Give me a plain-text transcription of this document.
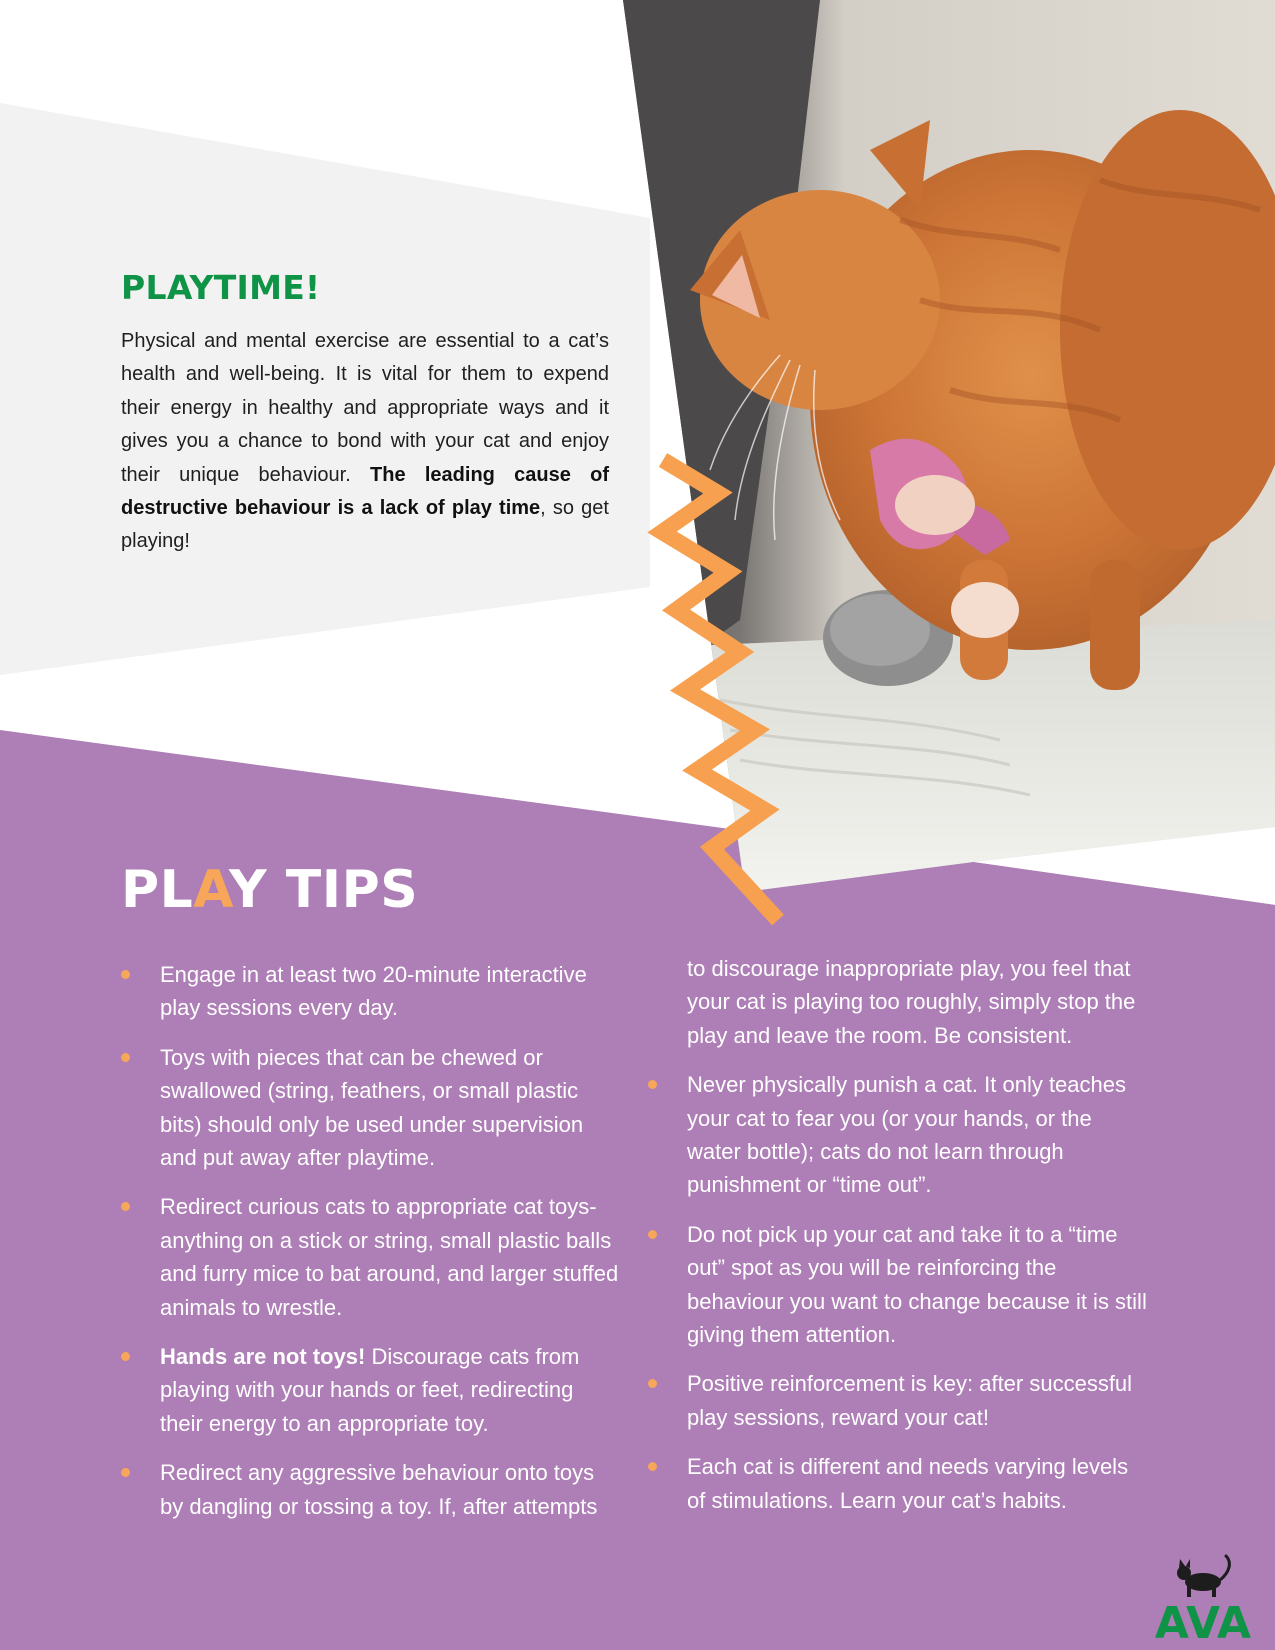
PLAYTIME!

Physical and mental exercise are essential to a cat’s health and well-being. It is vital for them to expend their energy in healthy and appropriate ways and it gives you a chance to bond with your cat and enjoy their unique behaviour. The leading cause of destructive behaviour is a lack of play time, so get playing!

PLAY TIPS
Engage in at least two 20-minute interactive play sessions every day.
Toys with pieces that can be chewed or swallowed (string, feathers, or small plastic bits) should only be used under supervision and put away after playtime.
Redirect curious cats to appropriate cat toys- anything on a stick or string, small plastic balls and furry mice to bat around, and larger stuffed animals to wrestle.
Hands are not toys! Discourage cats from playing with your hands or feet, redirecting their energy to an appropriate toy.
Redirect any aggressive behaviour onto toys by dangling or tossing a toy. If, after attempts
to discourage inappropriate play, you feel that your cat is playing too roughly, simply stop the play and leave the room. Be consistent.
Never physically punish a cat. It only teaches your cat to fear you (or your hands, or the water bottle); cats do not learn through punishment or “time out”.
Do not pick up your cat and take it to a “time out” spot as you will be reinforcing the behaviour you want to change because it is still giving them attention.
Positive reinforcement is key: after successful play sessions, reward your cat!
Each cat is different and needs varying levels of stimulations. Learn your cat’s habits.
AVA
